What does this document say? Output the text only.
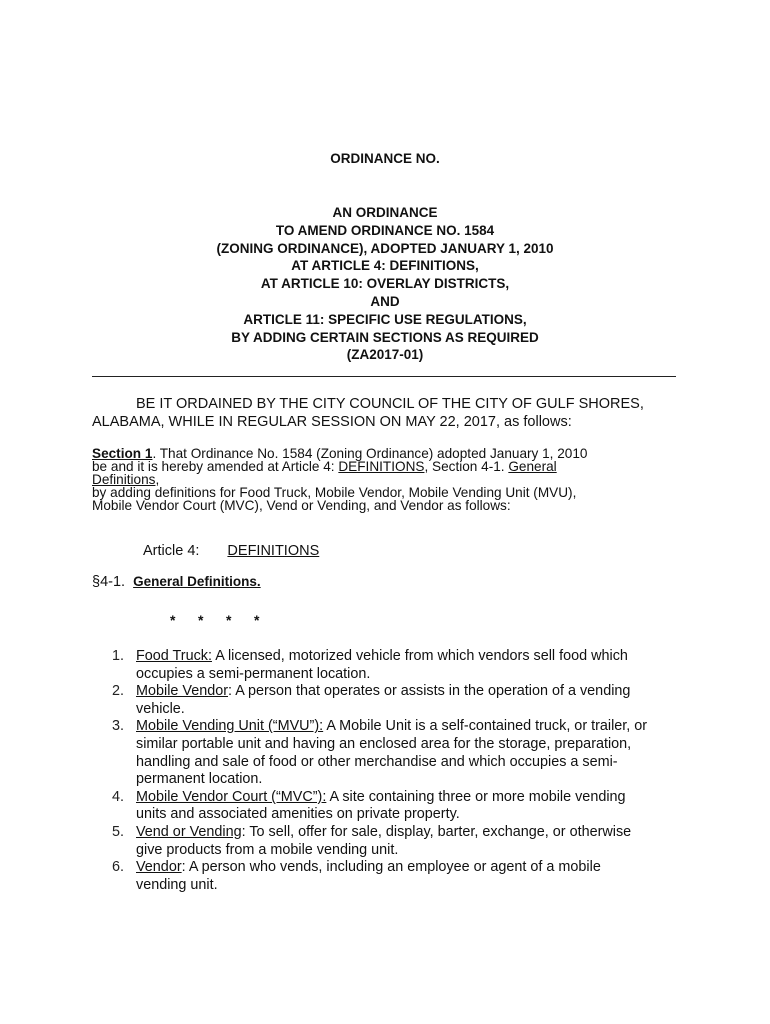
ORDINANCE NO.
AN ORDINANCE
TO AMEND ORDINANCE NO. 1584
(ZONING ORDINANCE), ADOPTED JANUARY 1, 2010
AT ARTICLE 4: DEFINITIONS,
AT ARTICLE 10: OVERLAY DISTRICTS,
AND
ARTICLE 11: SPECIFIC USE REGULATIONS,
BY ADDING CERTAIN SECTIONS AS REQUIRED
(ZA2017-01)
BE IT ORDAINED BY THE CITY COUNCIL OF THE CITY OF GULF SHORES,
ALABAMA, WHILE IN REGULAR SESSION ON MAY 22, 2017, as follows:
Section 1. That Ordinance No. 1584 (Zoning Ordinance) adopted January 1, 2010
be and it is hereby amended at Article 4: DEFINITIONS, Section 4-1. General
Definitions,
by adding definitions for Food Truck, Mobile Vendor, Mobile Vending Unit (MVU),
Mobile Vendor Court (MVC), Vend or Vending, and Vendor as follows:
Article 4: DEFINITIONS
§4-1. General Definitions.
* * * *
1. Food Truck: A licensed, motorized vehicle from which vendors sell food which
occupies a semi-permanent location.
2. Mobile Vendor: A person that operates or assists in the operation of a vending
vehicle.
3. Mobile Vending Unit (“MVU”): A Mobile Unit is a self-contained truck, or trailer, or
similar portable unit and having an enclosed area for the storage, preparation,
handling and sale of food or other merchandise and which occupies a semi-
permanent location.
4. Mobile Vendor Court (“MVC”): A site containing three or more mobile vending
units and associated amenities on private property.
5. Vend or Vending: To sell, offer for sale, display, barter, exchange, or otherwise
give products from a mobile vending unit.
6. Vendor: A person who vends, including an employee or agent of a mobile
vending unit.
